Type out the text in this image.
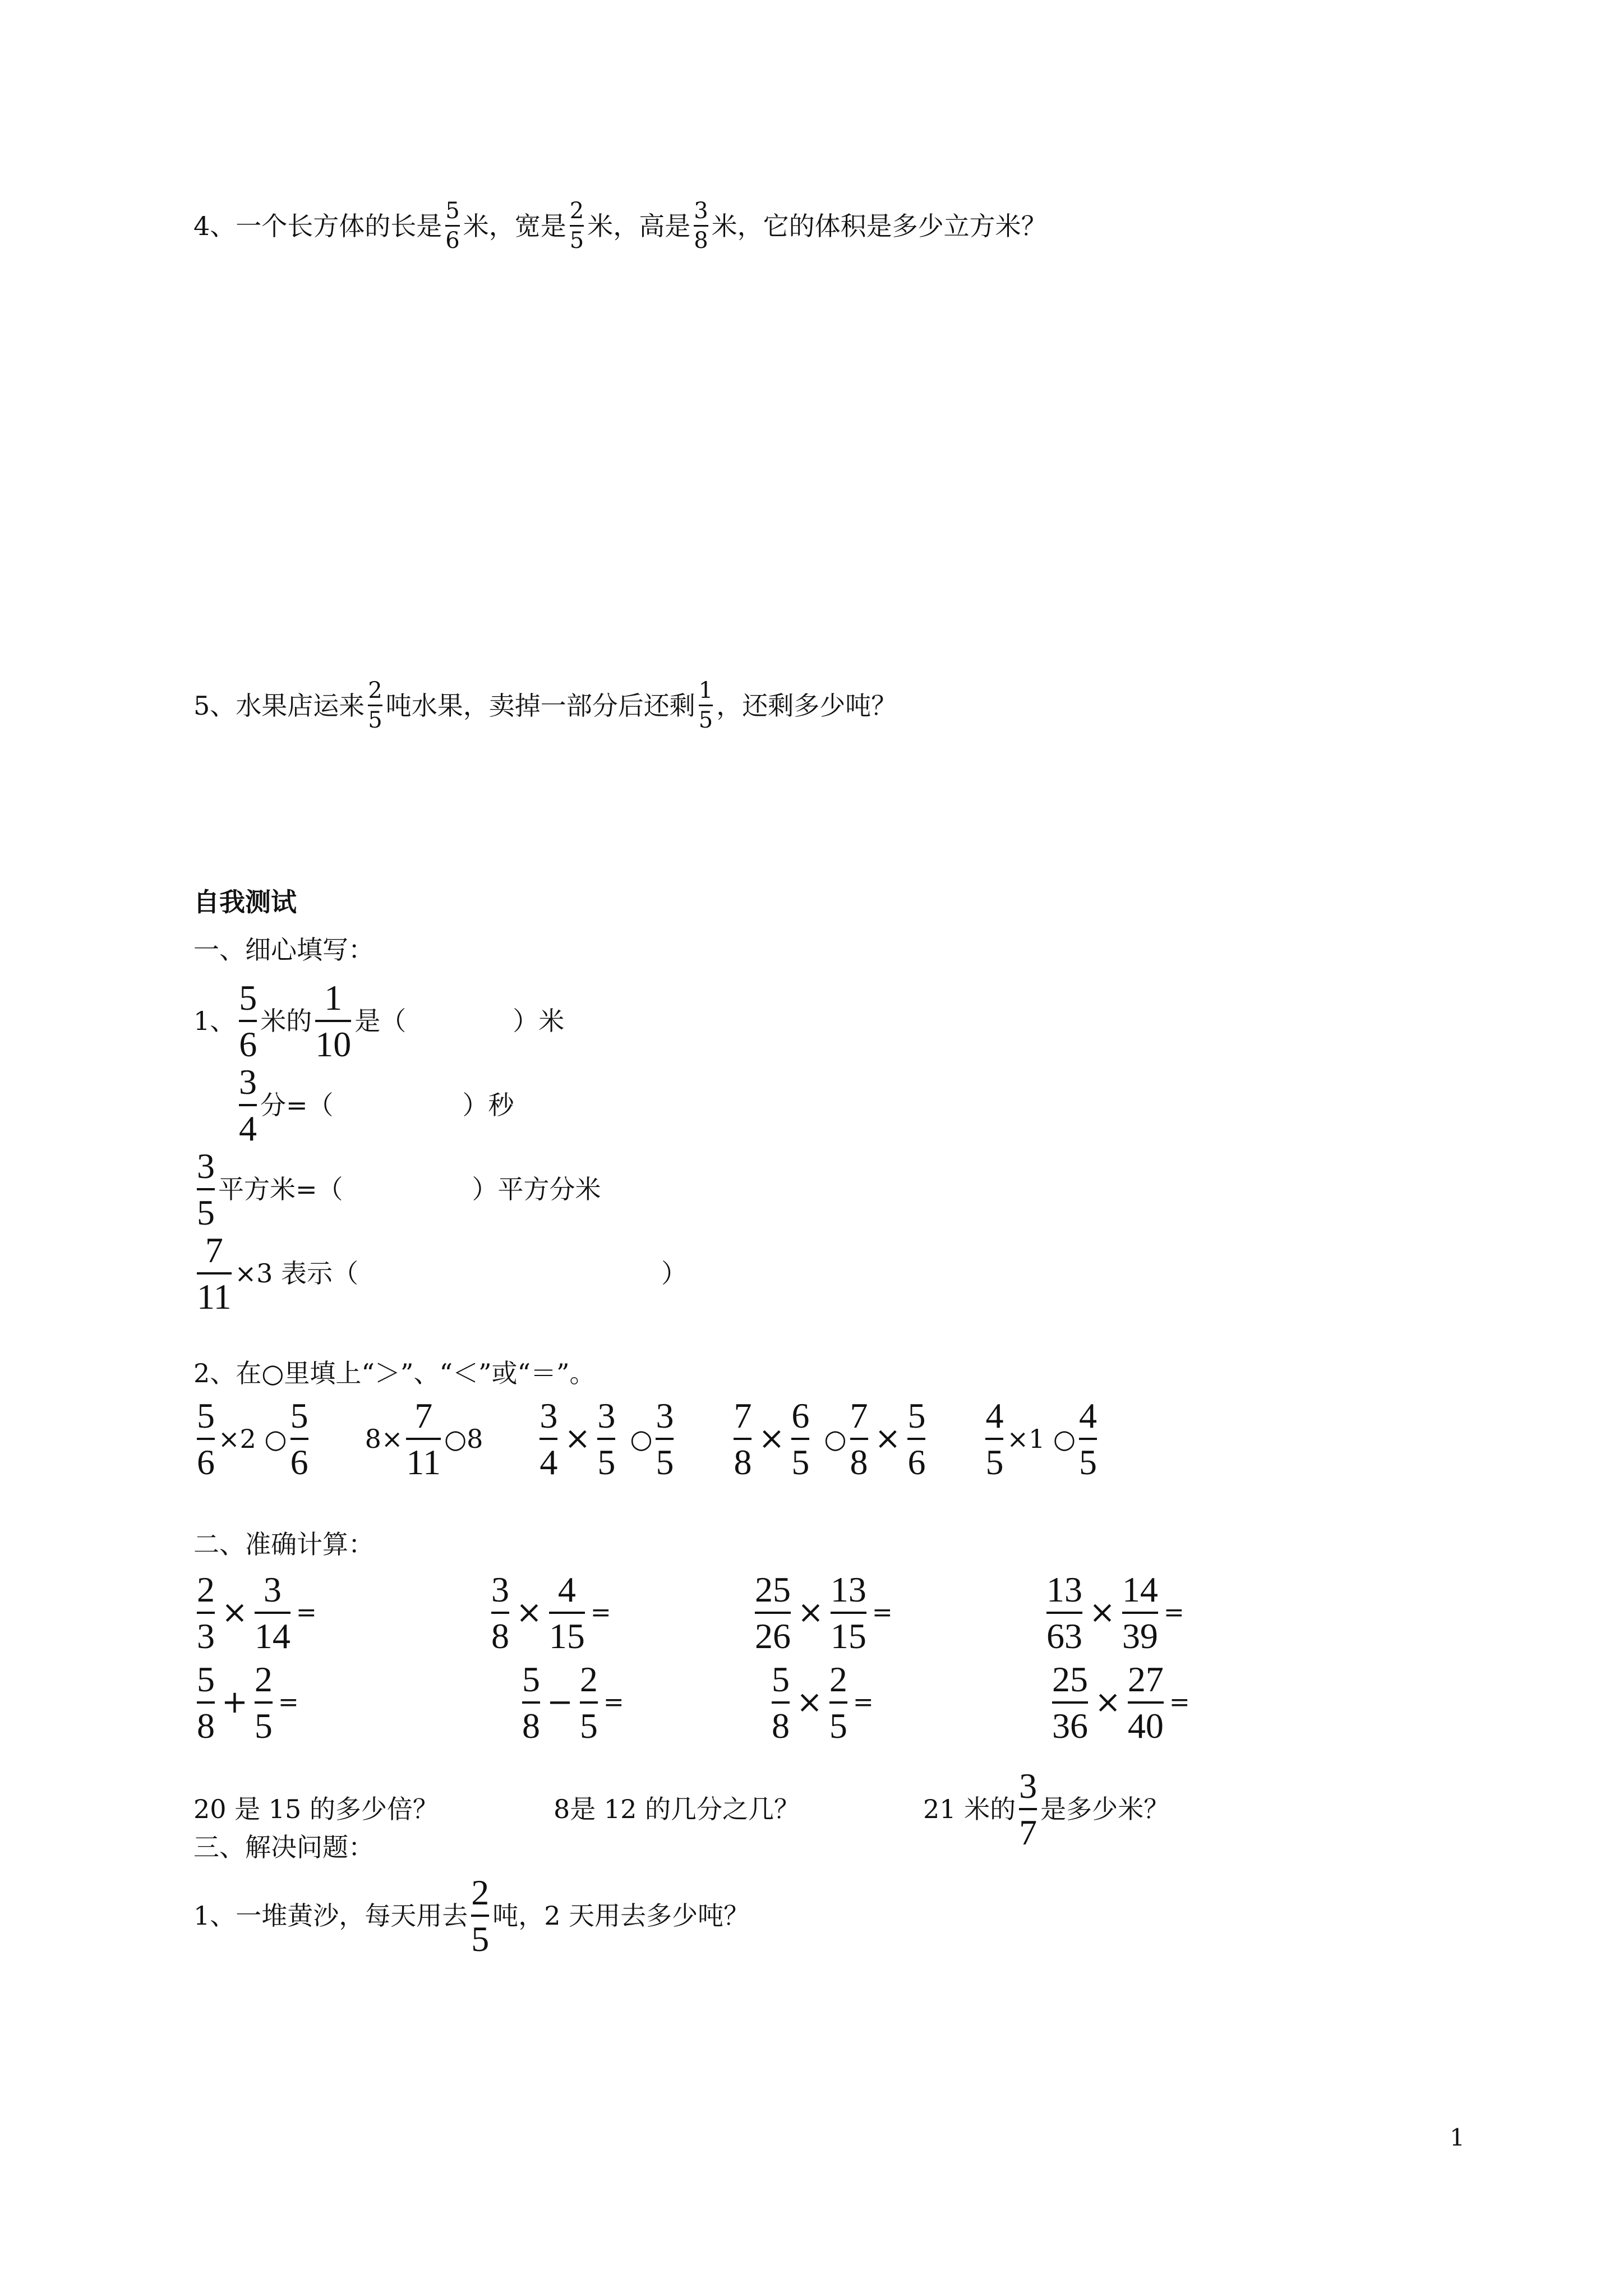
4、一个长方体的长是 $\frac{5}{6}$ 米，宽是 $\frac{2}{5}$ 米，高是 $\frac{3}{8}$ 米，它的体积是多少立方米？
5、水果店运来 $\frac{2}{5}$ 吨水果，卖掉一部分后还剩 $\frac{1}{5}$ ，还剩多少吨？
自我测试
一、细心填写：
1、 $\frac{5}{6}$ 米的 $\frac{1}{10}$ 是（	）米
$\frac{3}{4}$ 分=（	）秒
$\frac{3}{5}$ 平方米=（	）平方分米
$\frac{7}{11} \times 3$ 表示（	）
2、在○里填上“＞”、“＜”或“＝”。
$\frac{5}{6} \times 2$ ○ $\frac{5}{6} 8\times \frac{7}{11}$ ○8 $\frac{3}{4} \times \frac{3}{5}$ ○ $\frac{3}{5} \frac{7}{8} \times \frac{6}{5}$ ○ $\frac{7}{8} \times \frac{5}{6} \frac{4}{5} \times 1$ ○ $\frac{4}{5}$
二、准确计算：
$\frac{2}{3} \times \frac{3}{14}$ =	$\frac{3}{8} \times \frac{4}{15}$ =	$\frac{25}{26} \times \frac{13}{15}$ =	$\frac{13}{63} \times \frac{14}{39}$ =
$\frac{5}{8} + \frac{2}{5}$ =	$\frac{5}{8} - \frac{2}{5}$ =	$\frac{5}{8} \times \frac{2}{5}$ =	$\frac{25}{36} \times \frac{27}{40}$ =
20 是 15 的多少倍？	8是 12 的几分之几？	21 米的 $\frac{3}{7}$ 是多少米？
三、解决问题：
1、一堆黄沙，每天用去 $\frac{2}{5}$ 吨，2 天用去多少吨？
1
